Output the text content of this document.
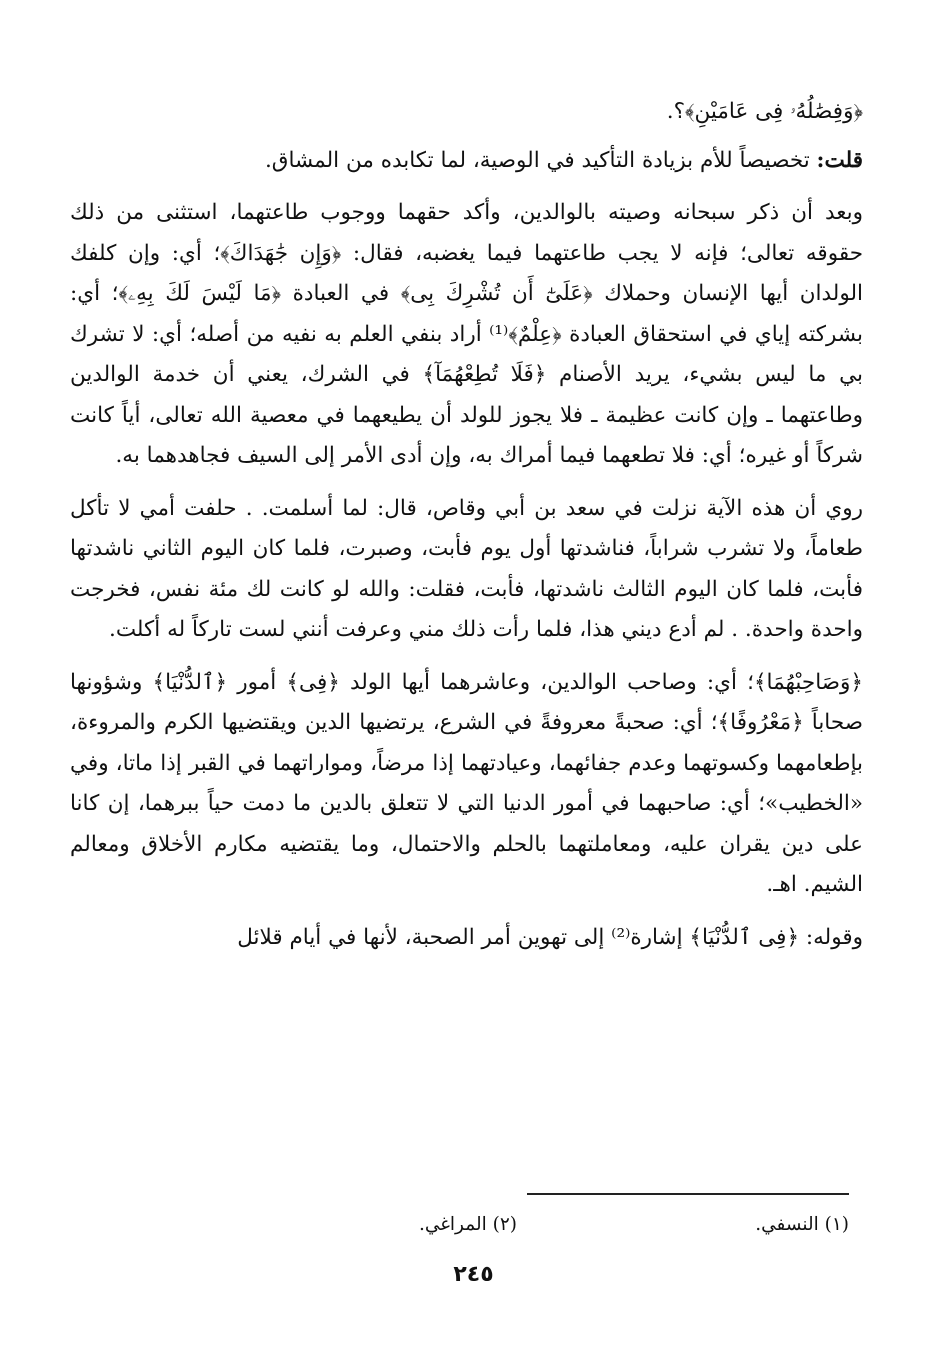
﴿وَفِصَٰلُهُۥ فِى عَامَيْنِ﴾؟.

قلت: تخصيصاً للأم بزيادة التأكيد في الوصية، لما تكابده من المشاق.

وبعد أن ذكر سبحانه وصيته بالوالدين، وأكد حقهما ووجوب طاعتهما، استثنى من ذلك حقوقه تعالى؛ فإنه لا يجب طاعتهما فيما يغضبه، فقال: ﴿وَإِن جَٰهَدَاكَ﴾؛ أي: وإن كلفك الولدان أيها الإنسان وحملاك ﴿عَلَىٰٓ أَن تُشْرِكَ بِى﴾ في العبادة ﴿مَا لَيْسَ لَكَ بِهِۦ﴾؛ أي: بشركته إياي في استحقاق العبادة ﴿عِلْمٌ﴾⁽¹⁾ أراد بنفي العلم به نفيه من أصله؛ أي: لا تشرك بي ما ليس بشيء، يريد الأصنام ﴿فَلَا تُطِعْهُمَآ﴾ في الشرك، يعني أن خدمة الوالدين وطاعتهما ـ وإن كانت عظيمة ـ فلا يجوز للولد أن يطيعهما في معصية الله تعالى، أياً كانت شركاً أو غيره؛ أي: فلا تطعهما فيما أمراك به، وإن أدى الأمر إلى السيف فجاهدهما به.

روي أن هذه الآية نزلت في سعد بن أبي وقاص، قال: لما أسلمت. . حلفت أمي لا تأكل طعاماً، ولا تشرب شراباً، فناشدتها أول يوم فأبت، وصبرت، فلما كان اليوم الثاني ناشدتها فأبت، فلما كان اليوم الثالث ناشدتها، فأبت، فقلت: والله لو كانت لك مئة نفس، فخرجت واحدة واحدة. . لم أدع ديني هذا، فلما رأت ذلك مني وعرفت أنني لست تاركاً له أكلت.

﴿وَصَاحِبْهُمَا﴾؛ أي: وصاحب الوالدين، وعاشرهما أيها الولد ﴿فِى﴾ أمور ﴿ٱلدُّنْيَا﴾ وشؤونها صحاباً ﴿مَعْرُوفًا﴾؛ أي: صحبةً معروفةً في الشرع، يرتضيها الدين ويقتضيها الكرم والمروءة، بإطعامهما وكسوتهما وعدم جفائهما، وعيادتهما إذا مرضاً، ومواراتهما في القبر إذا ماتا، وفي «الخطيب»؛ أي: صاحبهما في أمور الدنيا التي لا تتعلق بالدين ما دمت حياً ببرهما، إن كانا على دين يقران عليه، ومعاملتهما بالحلم والاحتمال، وما يقتضيه مكارم الأخلاق ومعالم الشيم. اهـ.

وقوله: ﴿فِى ٱلدُّنْيَا﴾ إشارة⁽²⁾ إلى تهوين أمر الصحبة، لأنها في أيام قلائل

(١) النسفي.
(٢) المراغي.
٢٤٥
